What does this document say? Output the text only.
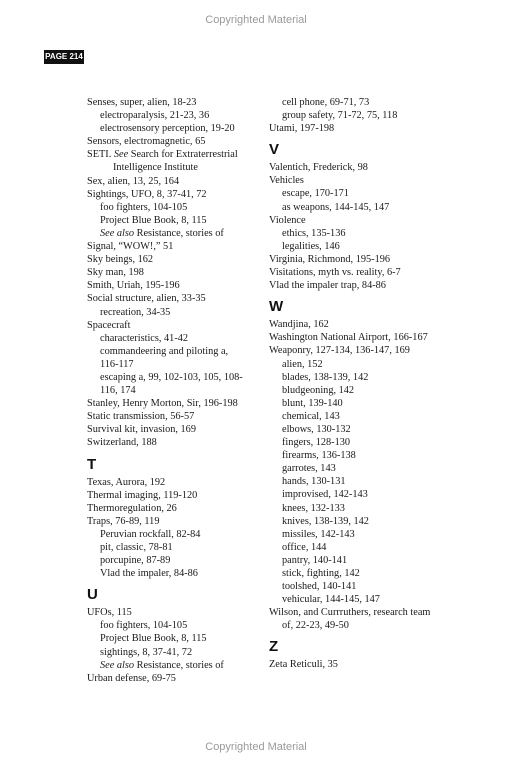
Copyrighted Material
PAGE 214
Senses, super, alien, 18-23
electroparalysis, 21-23, 36
electrosensory perception, 19-20
Sensors, electromagnetic, 65
SETI. See Search for Extraterrestrial
Intelligence Institute
Sex, alien, 13, 25, 164
Sightings, UFO, 8, 37-41, 72
foo fighters, 104-105
Project Blue Book, 8, 115
See also Resistance, stories of
Signal, “WOW!,” 51
Sky beings, 162
Sky man, 198
Smith, Uriah, 195-196
Social structure, alien, 33-35
recreation, 34-35
Spacecraft
characteristics, 41-42
commandeering and piloting a,
116-117
escaping a, 99, 102-103, 105, 108-
116, 174
Stanley, Henry Morton, Sir, 196-198
Static transmission, 56-57
Survival kit, invasion, 169
Switzerland, 188
T
Texas, Aurora, 192
Thermal imaging, 119-120
Thermoregulation, 26
Traps, 76-89, 119
Peruvian rockfall, 82-84
pit, classic, 78-81
porcupine, 87-89
Vlad the impaler, 84-86
U
UFOs, 115
foo fighters, 104-105
Project Blue Book, 8, 115
sightings, 8, 37-41, 72
See also Resistance, stories of
Urban defense, 69-75
cell phone, 69-71, 73
group safety, 71-72, 75, 118
Utami, 197-198
V
Valentich, Frederick, 98
Vehicles
escape, 170-171
as weapons, 144-145, 147
Violence
ethics, 135-136
legalities, 146
Virginia, Richmond, 195-196
Visitations, myth vs. reality, 6-7
Vlad the impaler trap, 84-86
W
Wandjina, 162
Washington National Airport, 166-167
Weaponry, 127-134, 136-147, 169
alien, 152
blades, 138-139, 142
bludgeoning, 142
blunt, 139-140
chemical, 143
elbows, 130-132
fingers, 128-130
firearms, 136-138
garrotes, 143
hands, 130-131
improvised, 142-143
knees, 132-133
knives, 138-139, 142
missiles, 142-143
office, 144
pantry, 140-141
stick, fighting, 142
toolshed, 140-141
vehicular, 144-145, 147
Wilson, and Currruthers, research team
of, 22-23, 49-50
Z
Zeta Reticuli, 35
Copyrighted Material
